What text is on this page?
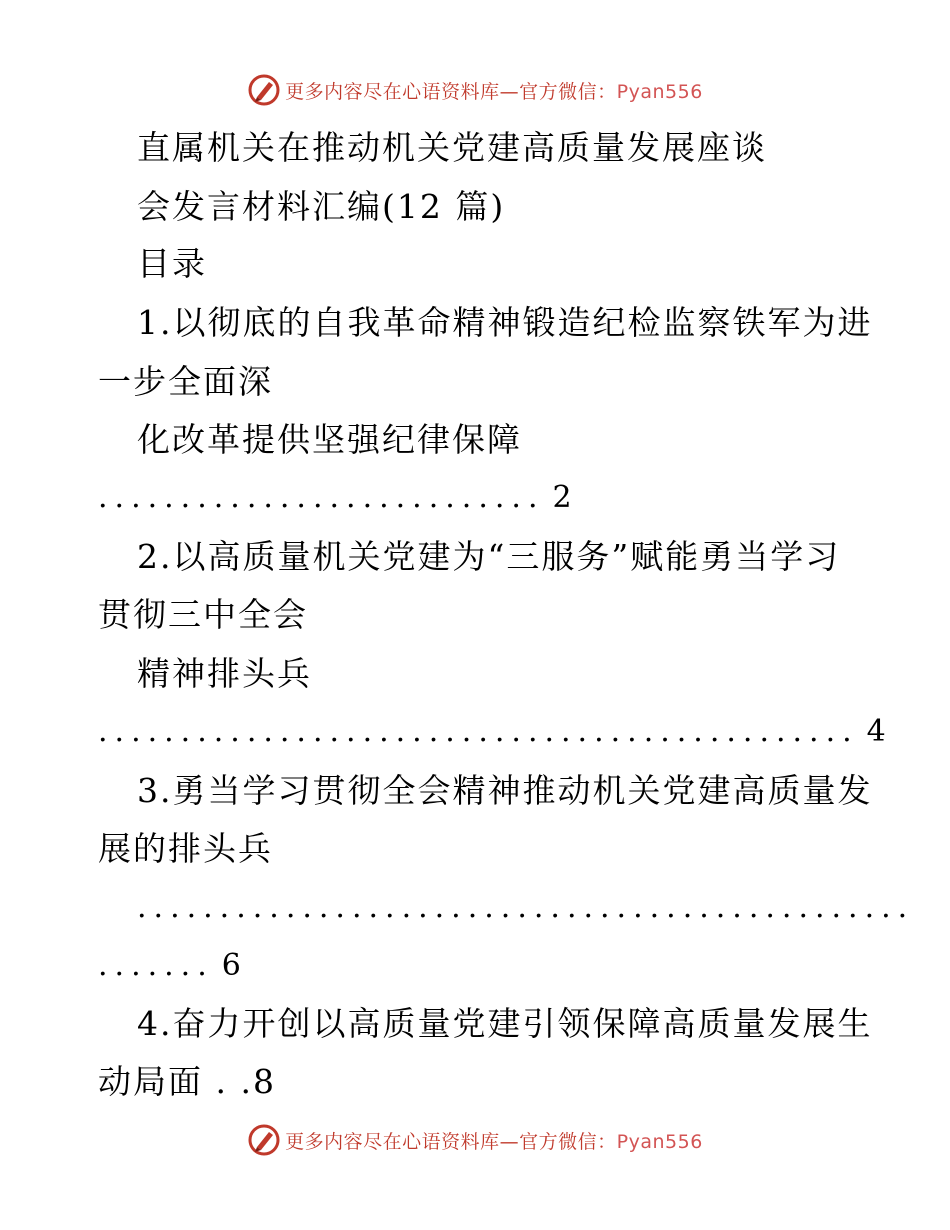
更多内容尽在心语资料库—官方微信：Pyan556
直属机关在推动机关党建高质量发展座谈
会发言材料汇编(12 篇)
目录
1.以彻底的自我革命精神锻造纪检监察铁军为进
一步全面深
化改革提供坚强纪律保障
........................... 2
2.以高质量机关党建为“三服务”赋能勇当学习
贯彻三中全会
精神排头兵
.............................................. 4
3.勇当学习贯彻全会精神推动机关党建高质量发
展的排头兵
...............................................
....... 6
4.奋力开创以高质量党建引领保障高质量发展生
动局面 . .8
更多内容尽在心语资料库—官方微信：Pyan556
